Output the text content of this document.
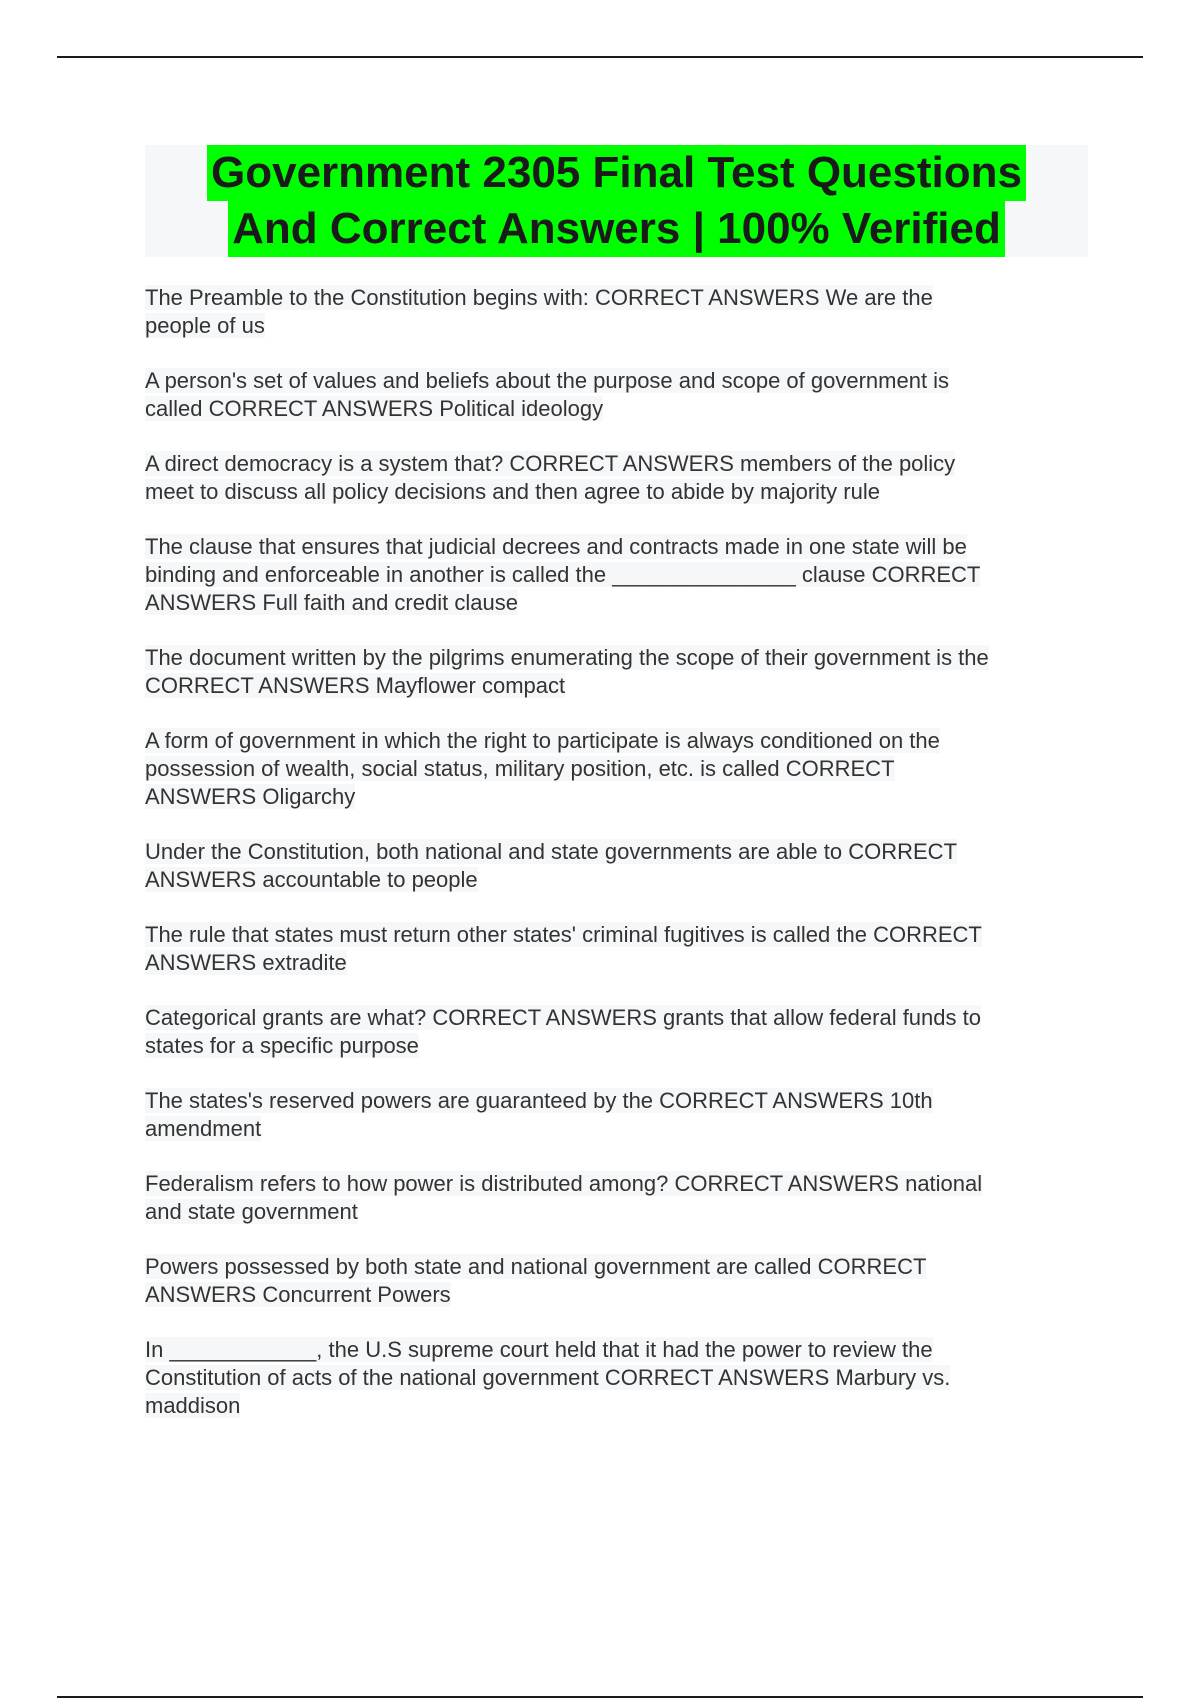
Government 2305 Final Test Questions
And Correct Answers | 100% Verified
The Preamble to the Constitution begins with: CORRECT ANSWERS We are the
people of us
A person's set of values and beliefs about the purpose and scope of government is
called CORRECT ANSWERS Political ideology
A direct democracy is a system that? CORRECT ANSWERS members of the policy
meet to discuss all policy decisions and then agree to abide by majority rule
The clause that ensures that judicial decrees and contracts made in one state will be
binding and enforceable in another is called the _______________ clause CORRECT
ANSWERS Full faith and credit clause
The document written by the pilgrims enumerating the scope of their government is the
CORRECT ANSWERS Mayflower compact
A form of government in which the right to participate is always conditioned on the
possession of wealth, social status, military position, etc. is called CORRECT
ANSWERS Oligarchy
Under the Constitution, both national and state governments are able to CORRECT
ANSWERS accountable to people
The rule that states must return other states' criminal fugitives is called the CORRECT
ANSWERS extradite
Categorical grants are what? CORRECT ANSWERS grants that allow federal funds to
states for a specific purpose
The states's reserved powers are guaranteed by the CORRECT ANSWERS 10th
amendment
Federalism refers to how power is distributed among? CORRECT ANSWERS national
and state government
Powers possessed by both state and national government are called CORRECT
ANSWERS Concurrent Powers
In ____________, the U.S supreme court held that it had the power to review the
Constitution of acts of the national government CORRECT ANSWERS Marbury vs.
maddison
